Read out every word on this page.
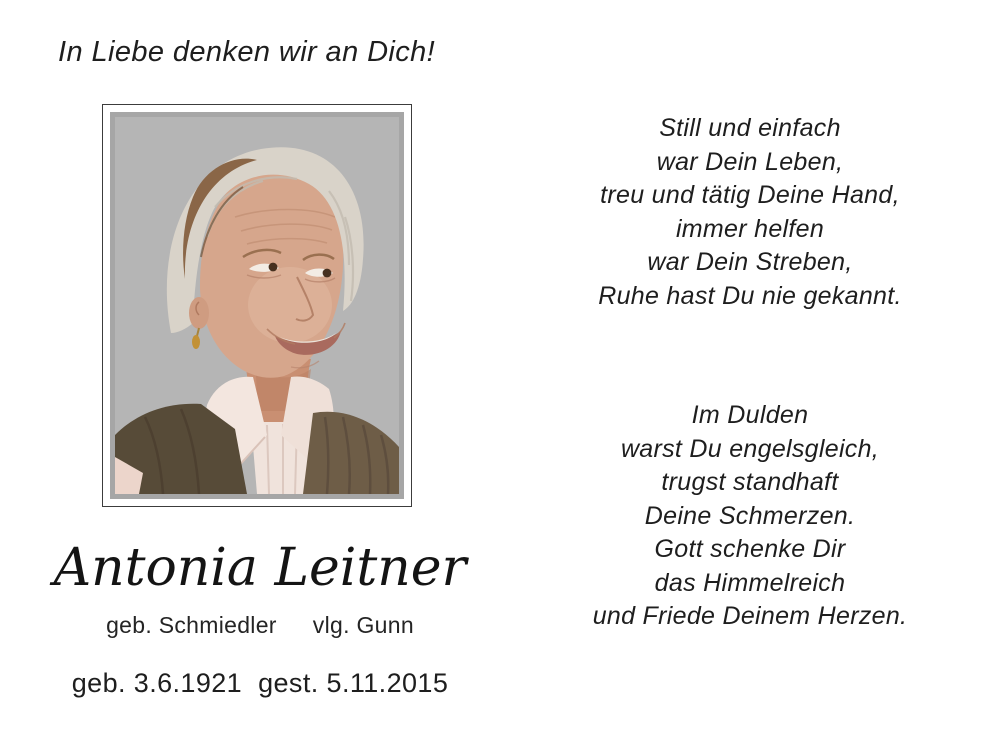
In Liebe denken wir an Dich!
Antonia Leitner
geb. Schmiedler vlg. Gunn
geb. 3.6.1921 gest. 5.11.2015
Still und einfach
war Dein Leben,
treu und tätig Deine Hand,
immer helfen
war Dein Streben,
Ruhe hast Du nie gekannt.
Im Dulden
warst Du engelsgleich,
trugst standhaft
Deine Schmerzen.
Gott schenke Dir
das Himmelreich
und Friede Deinem Herzen.
